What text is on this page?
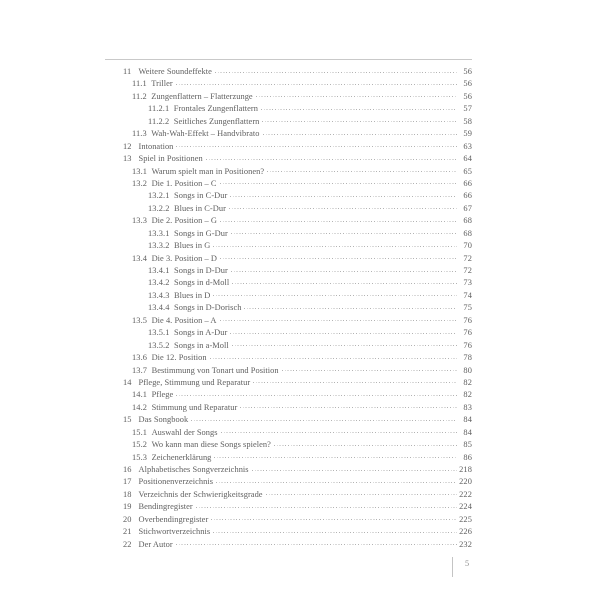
11 Weitere Soundeffekte	56
11.1 Triller	56
11.2 Zungenflattern – Flatterzunge	56
11.2.1 Frontales Zungenflattern	57
11.2.2 Seitliches Zungenflattern	58
11.3 Wah-Wah-Effekt – Handvibrato	59
12 Intonation	63
13 Spiel in Positionen	64
13.1 Warum spielt man in Positionen?	65
13.2 Die 1. Position – C	66
13.2.1 Songs in C-Dur	66
13.2.2 Blues in C-Dur	67
13.3 Die 2. Position – G	68
13.3.1 Songs in G-Dur	68
13.3.2 Blues in G	70
13.4 Die 3. Position – D	72
13.4.1 Songs in D-Dur	72
13.4.2 Songs in d-Moll	73
13.4.3 Blues in D	74
13.4.4 Songs in D-Dorisch	75
13.5 Die 4. Position – A	76
13.5.1 Songs in A-Dur	76
13.5.2 Songs in a-Moll	76
13.6 Die 12. Position	78
13.7 Bestimmung von Tonart und Position	80
14 Pflege, Stimmung und Reparatur	82
14.1 Pflege	82
14.2 Stimmung und Reparatur	83
15 Das Songbook	84
15.1 Auswahl der Songs	84
15.2 Wo kann man diese Songs spielen?	85
15.3 Zeichenerklärung	86
16 Alphabetisches Songverzeichnis	218
17 Positionenverzeichnis	220
18 Verzeichnis der Schwierigkeitsgrade	222
19 Bendingregister	224
20 Overbendingregister	225
21 Stichwortverzeichnis	226
22 Der Autor	232
5
